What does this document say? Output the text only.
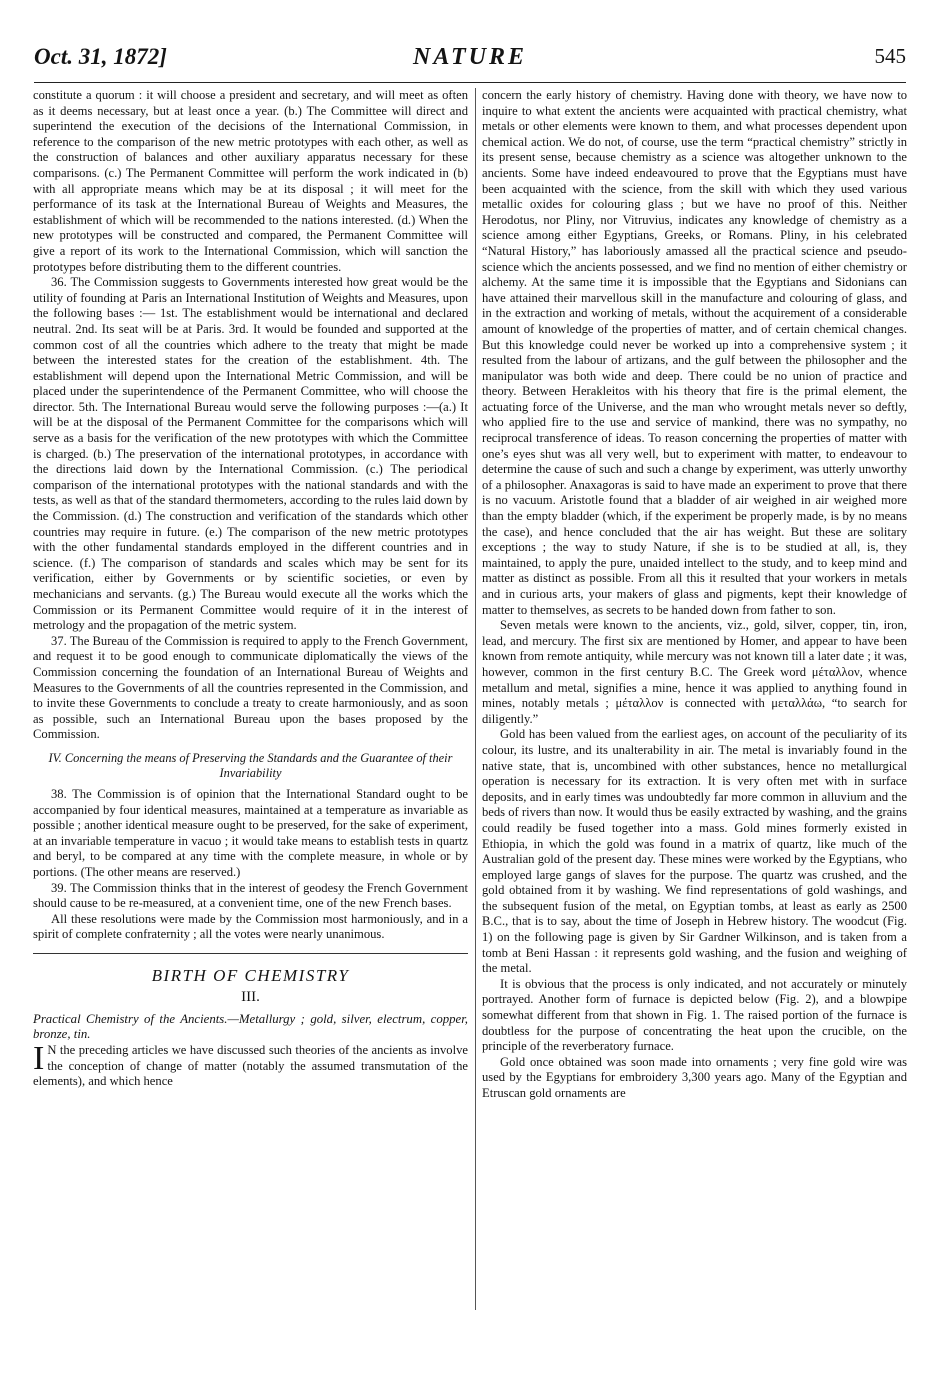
Oct. 31, 1872]	NATURE	545

constitute a quorum : it will choose a president and secretary, and will meet as often as it deems necessary, but at least once a year. (b.) The Committee will direct and superintend the execution of the decisions of the International Commission, in reference to the comparison of the new metric prototypes with each other, as well as the construction of balances and other auxiliary apparatus necessary for these comparisons. (c.) The Permanent Committee will perform the work indicated in (b) with all appropriate means which may be at its disposal ; it will meet for the performance of its task at the International Bureau of Weights and Measures, the establishment of which will be recommended to the nations interested. (d.) When the new prototypes will be constructed and compared, the Permanent Committee will give a report of its work to the International Commission, which will sanction the prototypes before distributing them to the different countries.

36. The Commission suggests to Governments interested how great would be the utility of founding at Paris an International Institution of Weights and Measures, upon the following bases :— 1st. The establishment would be international and declared neutral. 2nd. Its seat will be at Paris. 3rd. It would be founded and supported at the common cost of all the countries which adhere to the treaty that might be made between the interested states for the creation of the establishment. 4th. The establishment will depend upon the International Metric Commission, and will be placed under the superintendence of the Permanent Committee, who will choose the director. 5th. The International Bureau would serve the following purposes :—(a.) It will be at the disposal of the Permanent Committee for the comparisons which will serve as a basis for the verification of the new prototypes with which the Committee is charged. (b.) The preservation of the international prototypes, in accordance with the directions laid down by the International Commission. (c.) The periodical comparison of the international prototypes with the national standards and with the tests, as well as that of the standard thermometers, according to the rules laid down by the Commission. (d.) The construction and verification of the standards which other countries may require in future. (e.) The comparison of the new metric prototypes with the other fundamental standards employed in the different countries and in science. (f.) The comparison of standards and scales which may be sent for its verification, either by Governments or by scientific societies, or even by mechanicians and servants. (g.) The Bureau would execute all the works which the Commission or its Permanent Committee would require of it in the interest of metrology and the propagation of the metric system.

37. The Bureau of the Commission is required to apply to the French Government, and request it to be good enough to communicate diplomatically the views of the Commission concerning the foundation of an International Bureau of Weights and Measures to the Governments of all the countries represented in the Commission, and to invite these Governments to conclude a treaty to create harmoniously, and as soon as possible, such an International Bureau upon the bases proposed by the Commission.

IV. Concerning the means of Preserving the Standards and the Guarantee of their Invariability

38. The Commission is of opinion that the International Standard ought to be accompanied by four identical measures, maintained at a temperature as invariable as possible ; another identical measure ought to be preserved, for the sake of experiment, at an invariable temperature in vacuo ; it would take means to establish tests in quartz and beryl, to be compared at any time with the complete measure, in whole or by portions. (The other means are reserved.)

39. The Commission thinks that in the interest of geodesy the French Government should cause to be re-measured, at a convenient time, one of the new French bases.

All these resolutions were made by the Commission most harmoniously, and in a spirit of complete confraternity ; all the votes were nearly unanimous.

BIRTH OF CHEMISTRY
III.

Practical Chemistry of the Ancients.—Metallurgy ; gold, silver, electrum, copper, bronze, tin.

I N the preceding articles we have discussed such theories of the ancients as involve the conception of change of matter (notably the assumed transmutation of the elements), and which hence

concern the early history of chemistry. Having done with theory, we have now to inquire to what extent the ancients were acquainted with practical chemistry, what metals or other elements were known to them, and what processes dependent upon chemical action. We do not, of course, use the term “practical chemistry” strictly in its present sense, because chemistry as a science was altogether unknown to the ancients. Some have indeed endeavoured to prove that the Egyptians must have been acquainted with the science, from the skill with which they used various metallic oxides for colouring glass ; but we have no proof of this. Neither Herodotus, nor Pliny, nor Vitruvius, indicates any knowledge of chemistry as a science among either Egyptians, Greeks, or Romans. Pliny, in his celebrated “Natural History,” has laboriously amassed all the practical science and pseudo-science which the ancients possessed, and we find no mention of either chemistry or alchemy. At the same time it is impossible that the Egyptians and Sidonians can have attained their marvellous skill in the manufacture and colouring of glass, and in the extraction and working of metals, without the acquirement of a considerable amount of knowledge of the properties of matter, and of certain chemical changes. But this knowledge could never be worked up into a comprehensive system ; it resulted from the labour of artizans, and the gulf between the philosopher and the manipulator was both wide and deep. There could be no union of practice and theory. Between Herakleitos with his theory that fire is the primal element, the actuating force of the Universe, and the man who wrought metals never so deftly, who applied fire to the use and service of mankind, there was no sympathy, no reciprocal transference of ideas. To reason concerning the properties of matter with one’s eyes shut was all very well, but to experiment with matter, to endeavour to determine the cause of such and such a change by experiment, was utterly unworthy of a philosopher. Anaxagoras is said to have made an experiment to prove that there is no vacuum. Aristotle found that a bladder of air weighed in air weighed more than the empty bladder (which, if the experiment be properly made, is by no means the case), and hence concluded that the air has weight. But these are solitary exceptions ; the way to study Nature, if she is to be studied at all, is, they maintained, to apply the pure, unaided intellect to the study, and to keep mind and matter as distinct as possible. From all this it resulted that your workers in metals and in curious arts, your makers of glass and pigments, kept their knowledge of matter to themselves, as secrets to be handed down from father to son.

Seven metals were known to the ancients, viz., gold, silver, copper, tin, iron, lead, and mercury. The first six are mentioned by Homer, and appear to have been known from remote antiquity, while mercury was not known till a later date ; it was, however, common in the first century B.C. The Greek word μέταλλον, whence metallum and metal, signifies a mine, hence it was applied to anything found in mines, notably metals ; μέταλλον is connected with μεταλλάω, “to search for diligently.”

Gold has been valued from the earliest ages, on account of the peculiarity of its colour, its lustre, and its unalterability in air. The metal is invariably found in the native state, that is, uncombined with other substances, hence no metallurgical operation is necessary for its extraction. It is very often met with in surface deposits, and in early times was undoubtedly far more common in alluvium and the beds of rivers than now. It would thus be easily extracted by washing, and the grains could readily be fused together into a mass. Gold mines formerly existed in Ethiopia, in which the gold was found in a matrix of quartz, like much of the Australian gold of the present day. These mines were worked by the Egyptians, who employed large gangs of slaves for the purpose. The quartz was crushed, and the gold obtained from it by washing. We find representations of gold washings, and the subsequent fusion of the metal, on Egyptian tombs, at least as early as 2500 B.C., that is to say, about the time of Joseph in Hebrew history. The woodcut (Fig. 1) on the following page is given by Sir Gardner Wilkinson, and is taken from a tomb at Beni Hassan : it represents gold washing, and the fusion and weighing of the metal.

It is obvious that the process is only indicated, and not accurately or minutely portrayed. Another form of furnace is depicted below (Fig. 2), and a blowpipe somewhat different from that shown in Fig. 1. The raised portion of the furnace is doubtless for the purpose of concentrating the heat upon the crucible, on the principle of the reverberatory furnace.

Gold once obtained was soon made into ornaments ; very fine gold wire was used by the Egyptians for embroidery 3,300 years ago. Many of the Egyptian and Etruscan gold ornaments are
